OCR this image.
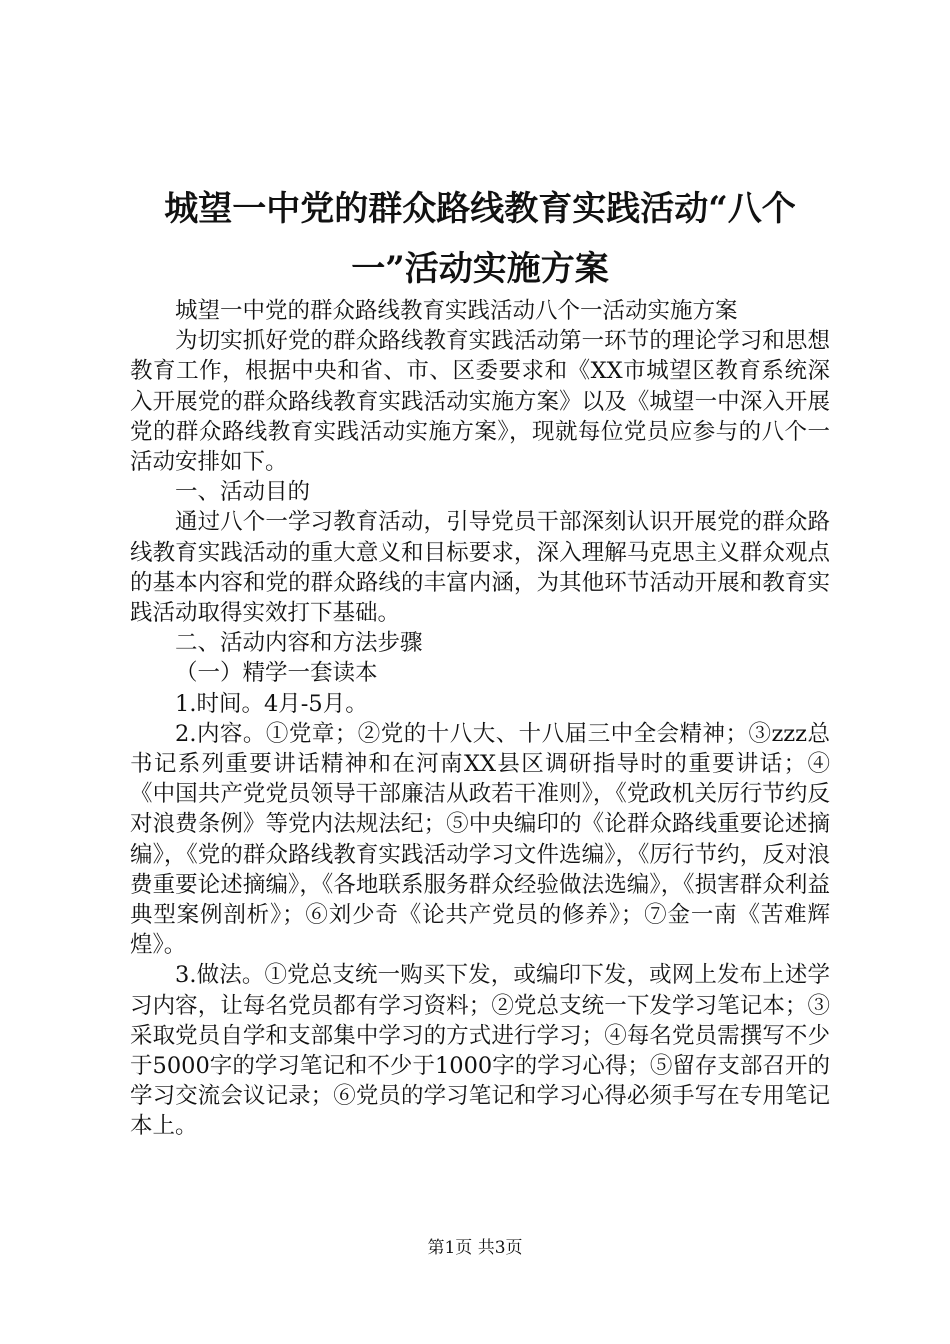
城望一中党的群众路线教育实践活动“八个
一”活动实施方案

城望一中党的群众路线教育实践活动八个一活动实施方案

为切实抓好党的群众路线教育实践活动第一环节的理论学习和思想教育工作，根据中央和省、市、区委要求和《XX市城望区教育系统深入开展党的群众路线教育实践活动实施方案》以及《城望一中深入开展党的群众路线教育实践活动实施方案》，现就每位党员应参与的八个一活动安排如下。

一、活动目的

通过八个一学习教育活动，引导党员干部深刻认识开展党的群众路线教育实践活动的重大意义和目标要求，深入理解马克思主义群众观点的基本内容和党的群众路线的丰富内涵，为其他环节活动开展和教育实践活动取得实效打下基础。

二、活动内容和方法步骤

（一）精学一套读本

1.时间。4月-5月。

2.内容。①党章；②党的十八大、十八届三中全会精神；③zzz总书记系列重要讲话精神和在河南XX县区调研指导时的重要讲话；④《中国共产党党员领导干部廉洁从政若干准则》，《党政机关厉行节约反对浪费条例》等党内法规法纪；⑤中央编印的《论群众路线重要论述摘编》，《党的群众路线教育实践活动学习文件选编》，《厉行节约，反对浪费重要论述摘编》，《各地联系服务群众经验做法选编》，《损害群众利益典型案例剖析》；⑥刘少奇《论共产党员的修养》；⑦金一南《苦难辉煌》。

3.做法。①党总支统一购买下发，或编印下发，或网上发布上述学习内容，让每名党员都有学习资料；②党总支统一下发学习笔记本；③采取党员自学和支部集中学习的方式进行学习；④每名党员需撰写不少于5000字的学习笔记和不少于1000字的学习心得；⑤留存支部召开的学习交流会议记录；⑥党员的学习笔记和学习心得必须手写在专用笔记本上。

第1页 共3页
